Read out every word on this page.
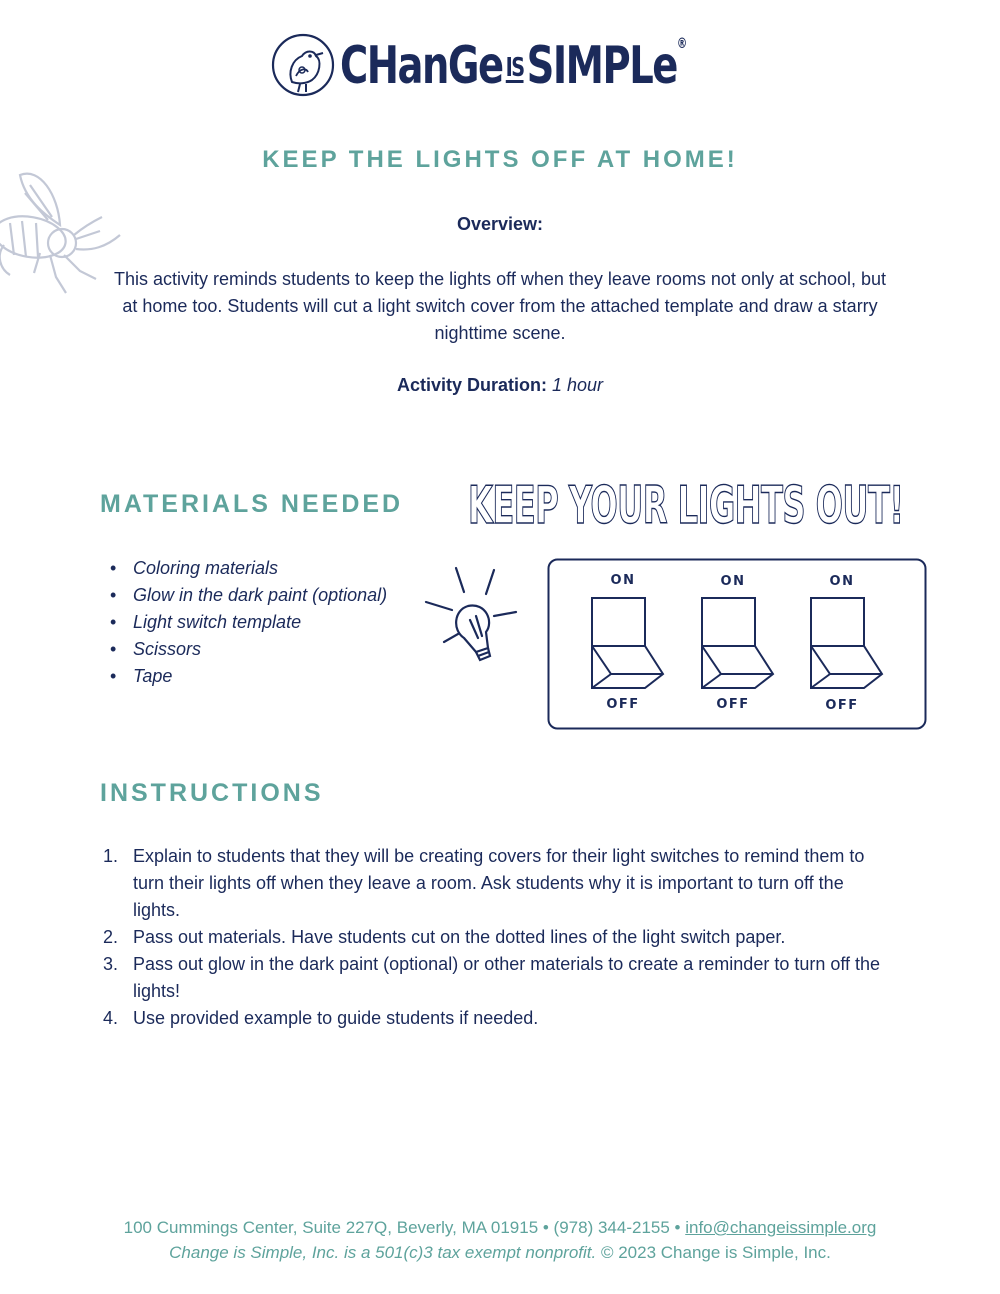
CHanGe ISSIMPLe®
KEEP THE LIGHTS OFF AT HOME!
Overview:
This activity reminds students to keep the lights off when they leave rooms not only at school, but at home too. Students will cut a light switch cover from the attached template and draw a starry nighttime scene.
Activity Duration: 1 hour
MATERIALS NEEDED
• Coloring materials
• Glow in the dark paint (optional)
• Light switch template
• Scissors
• Tape
KEEP YOUR LIGHTS OUT!
ON	ON	ON
OFF	OFF	OFF
INSTRUCTIONS
1. Explain to students that they will be creating covers for their light switches to remind them to turn their lights off when they leave a room. Ask students why it is important to turn off the lights.
2. Pass out materials. Have students cut on the dotted lines of the light switch paper.
3. Pass out glow in the dark paint (optional) or other materials to create a reminder to turn off the lights!
4. Use provided example to guide students if needed.
100 Cummings Center, Suite 227Q, Beverly, MA 01915 • (978) 344-2155 • info@changeissimple.org
Change is Simple, Inc. is a 501(c)3 tax exempt nonprofit. © 2023 Change is Simple, Inc.
